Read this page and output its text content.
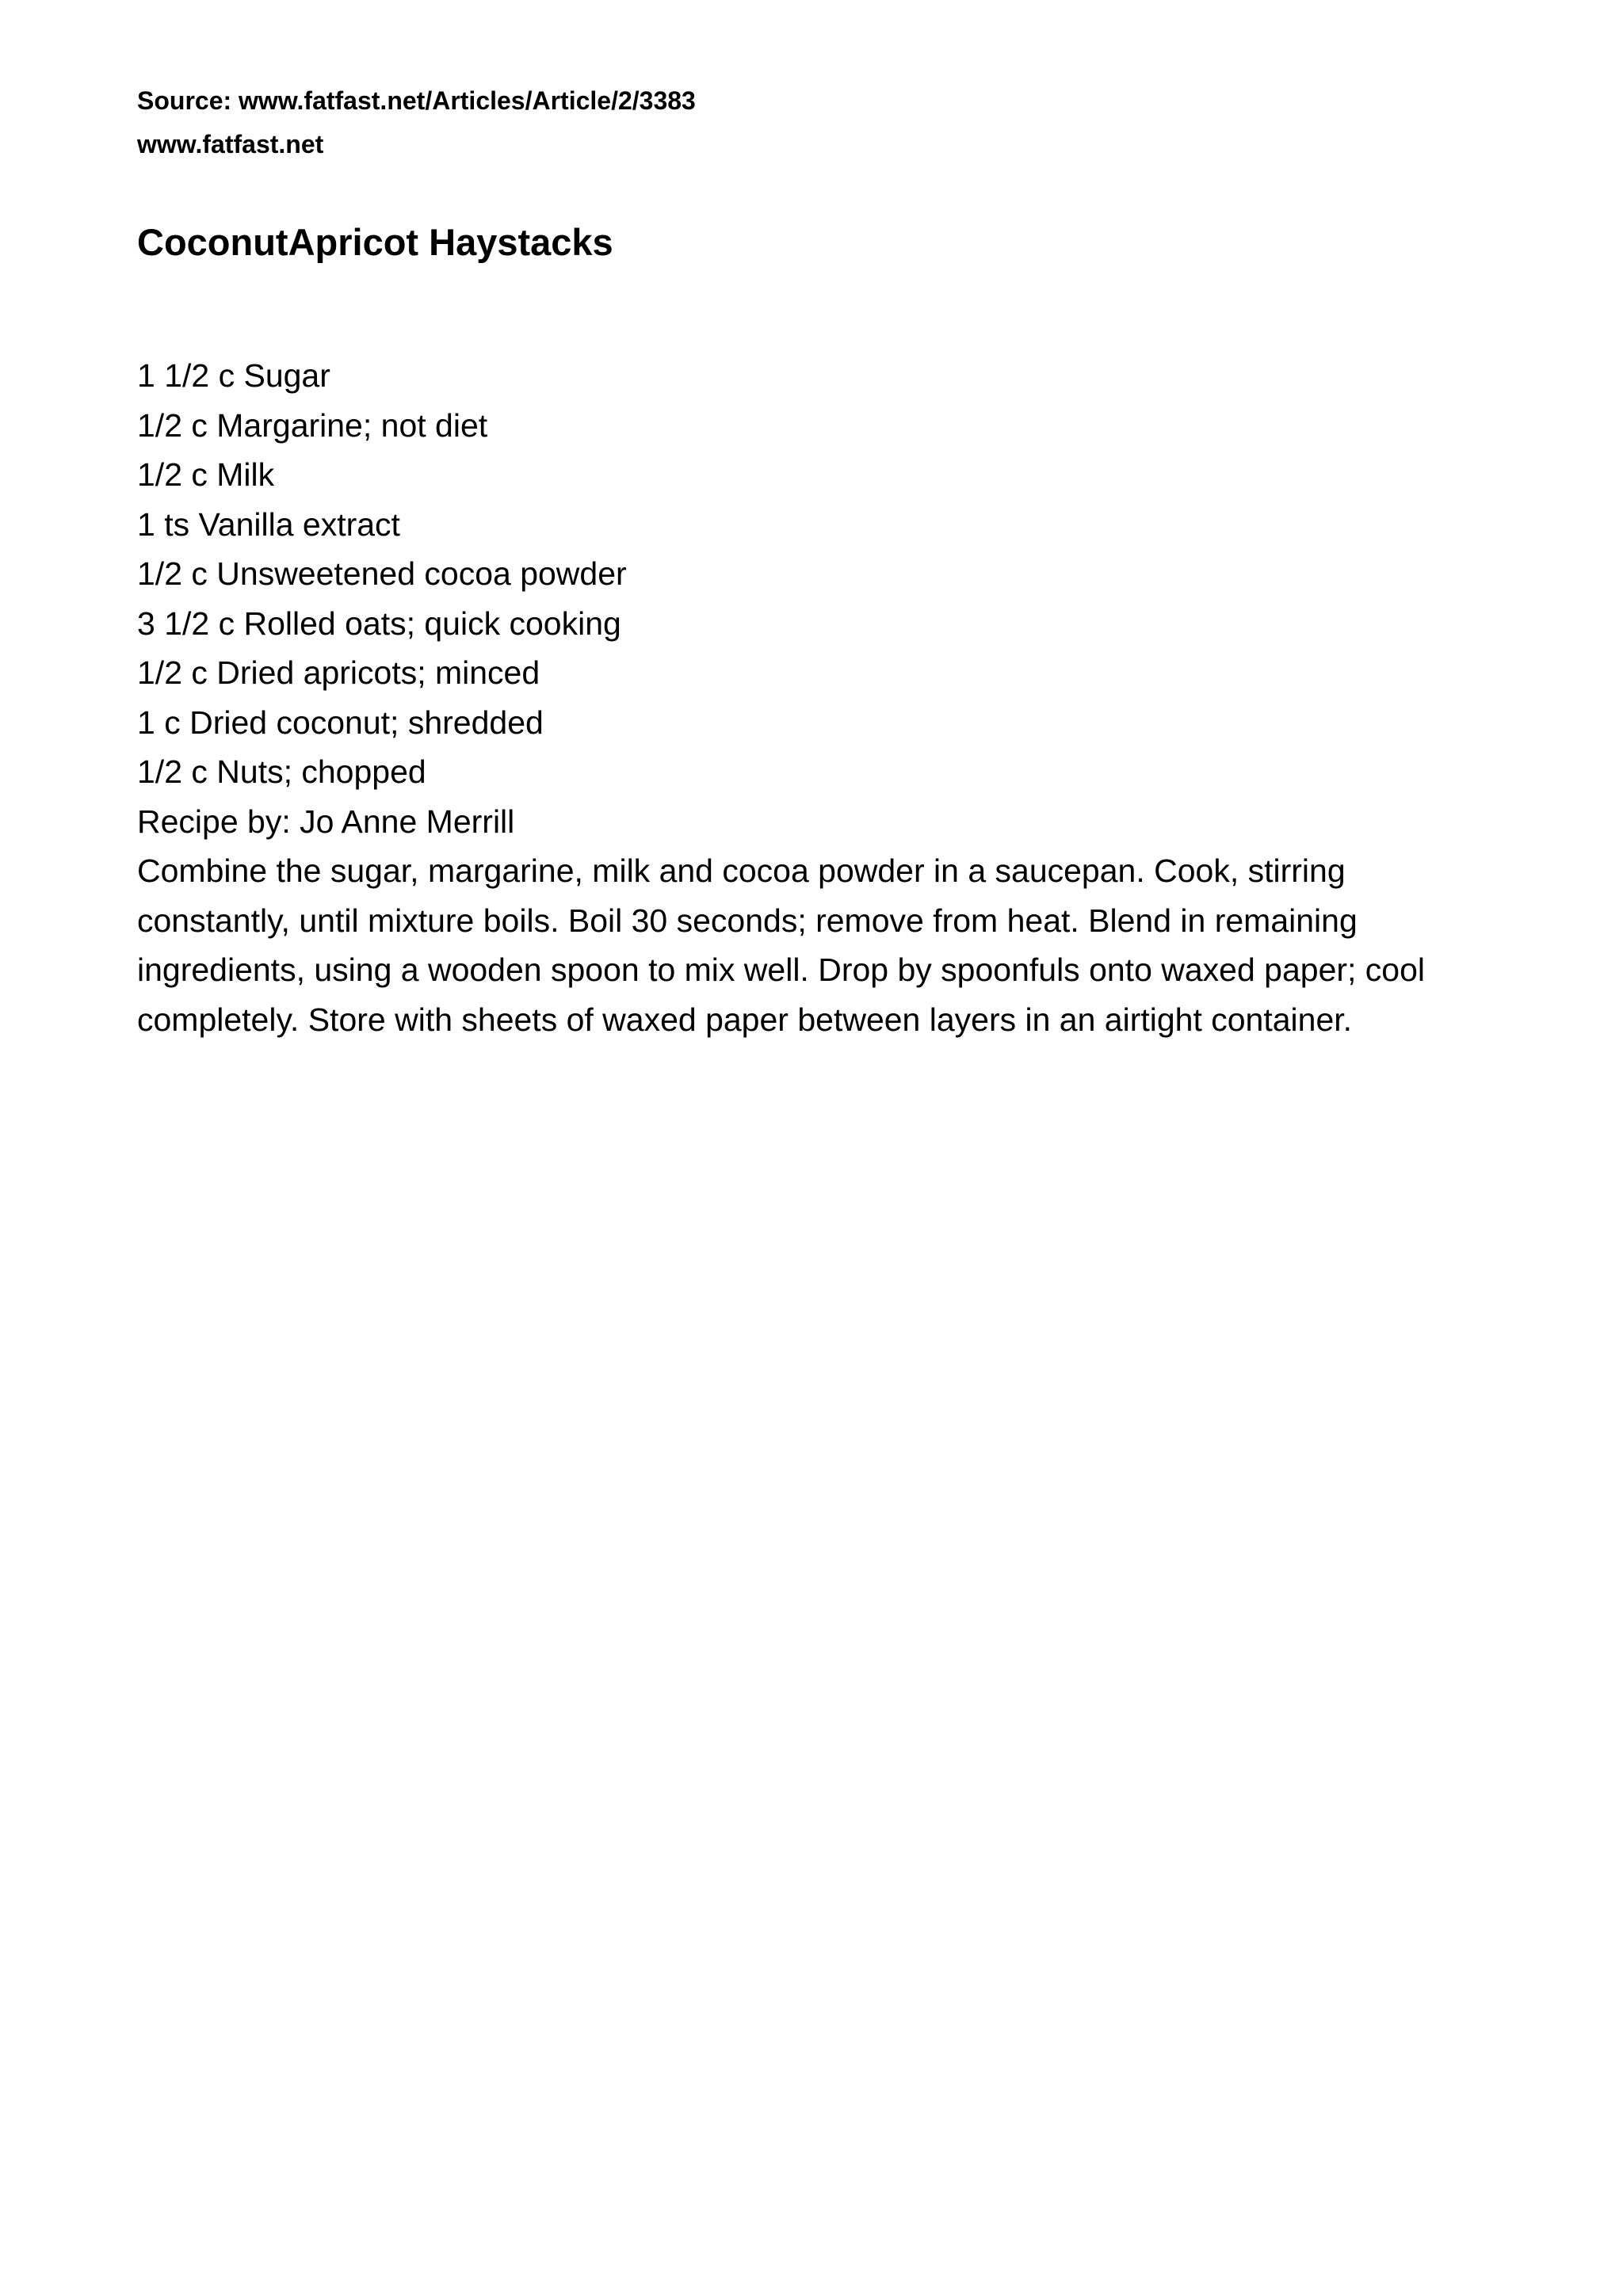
Source: www.fatfast.net/Articles/Article/2/3383

www.fatfast.net

CoconutApricot Haystacks

1 1/2 c Sugar

1/2 c Margarine; not diet

1/2 c Milk

1 ts Vanilla extract

1/2 c Unsweetened cocoa powder

3 1/2 c Rolled oats; quick cooking

1/2 c Dried apricots; minced

1 c Dried coconut; shredded

1/2 c Nuts; chopped

Recipe by: Jo Anne Merrill

Combine the sugar, margarine, milk and cocoa powder in a saucepan. Cook, stirring constantly, until mixture boils. Boil 30 seconds; remove from heat. Blend in remaining ingredients, using a wooden spoon to mix well. Drop by spoonfuls onto waxed paper; cool completely. Store with sheets of waxed paper between layers in an airtight container.
